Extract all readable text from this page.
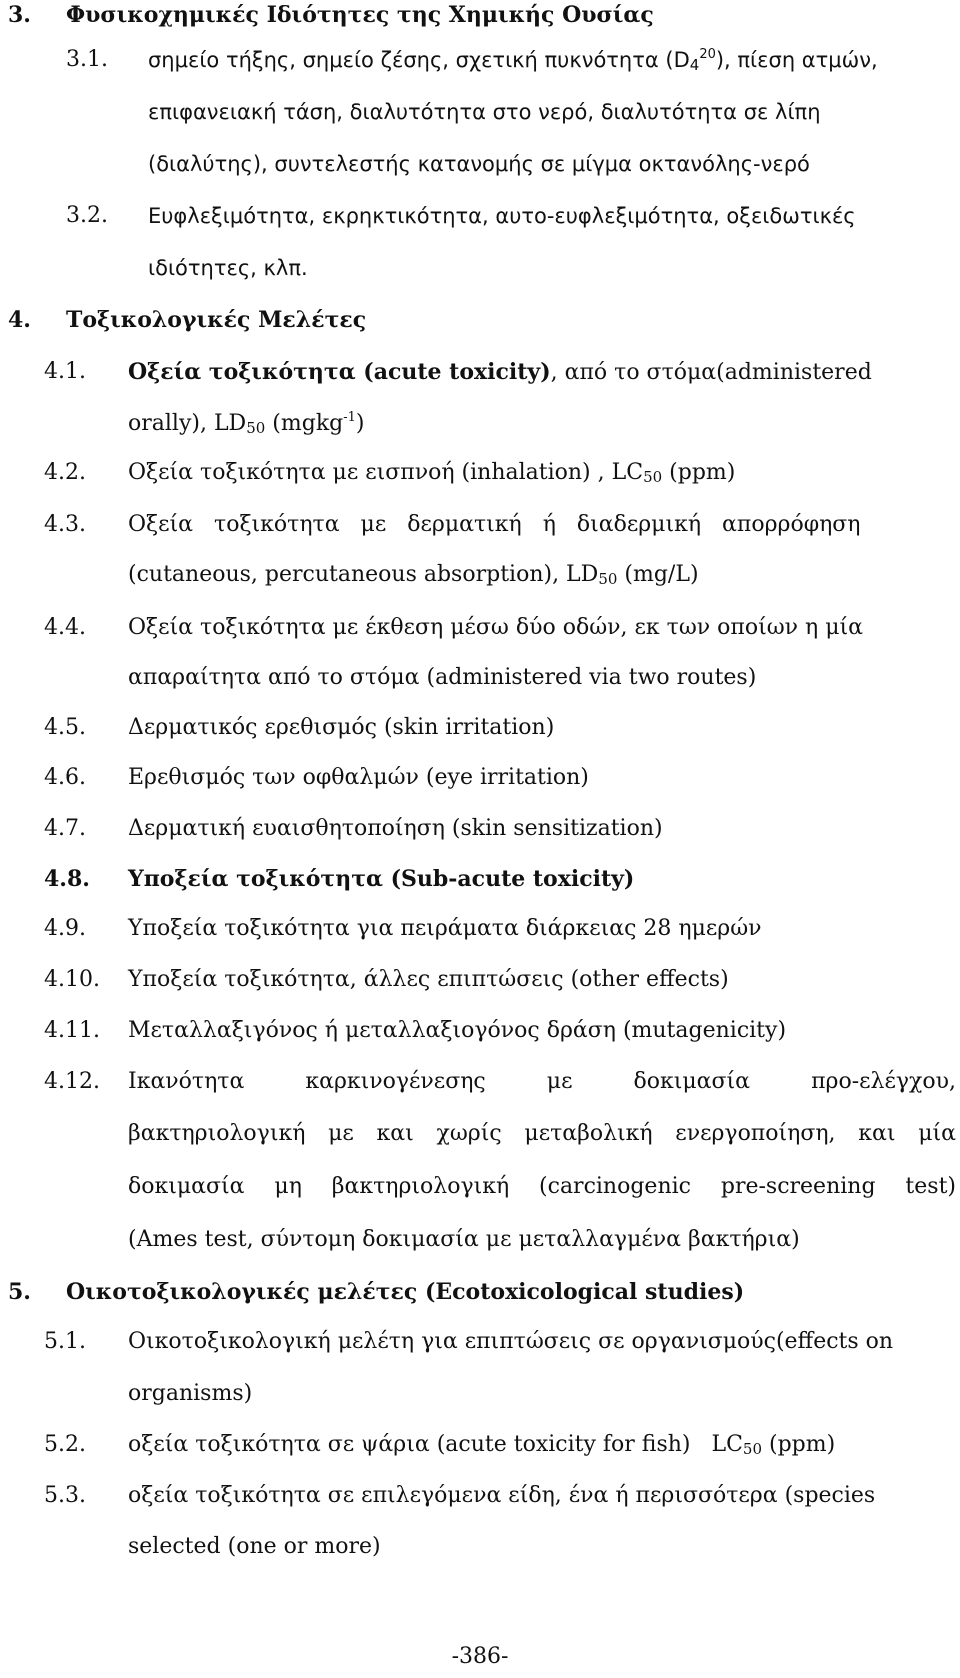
3. Φυσικοχημικές Ιδιότητες της Χημικής Ουσίας
3.1. σημείο τήξης, σημείο ζέσης, σχετική πυκνότητα $(D_4^{20})$, πίεση ατμών,
επιφανειακή τάση, διαλυτότητα στο νερό, διαλυτότητα σε λίπη
(διαλύτης), συντελεστής κατανομής σε μίγμα οκτανόλης-νερό
3.2. Ευφλεξιμότητα, εκρηκτικότητα, αυτο-ευφλεξιμότητα, οξειδωτικές
ιδιότητες, κλπ.
4. Τοξικολογικές Μελέτες
4.1. Οξεία τοξικότητα (acute toxicity), από το στόμα(administered
orally), $LD_{50}$ (mgkg$^{-1}$)
4.2. Οξεία τοξικότητα με εισπνοή (inhalation) , $LC_{50}$ (ppm)
4.3. Οξεία τοξικότητα με δερματική ή διαδερμική απορρόφηση
(cutaneous, percutaneous absorption), $LD_{50}$ (mg/L)
4.4. Οξεία τοξικότητα με έκθεση μέσω δύο οδών, εκ των οποίων η μία
απαραίτητα από το στόμα (administered via two routes)
4.5. Δερματικός ερεθισμός (skin irritation)
4.6. Ερεθισμός των οφθαλμών (eye irritation)
4.7. Δερματική ευαισθητοποίηση (skin sensitization)
4.8. Υποξεία τοξικότητα (Sub-acute toxicity)
4.9. Υποξεία τοξικότητα για πειράματα διάρκειας 28 ημερών
4.10. Υποξεία τοξικότητα, άλλες επιπτώσεις (other effects)
4.11. Μεταλλαξιγόνος ή μεταλλαξιογόνος δράση (mutagenicity)
4.12. Ικανότητα καρκινογένεσης με δοκιμασία προ-ελέγχου,
βακτηριολογική με και χωρίς μεταβολική ενεργοποίηση, και μία
δοκιμασία μη βακτηριολογική (carcinogenic pre-screening test)
(Ames test, σύντομη δοκιμασία με μεταλλαγμένα βακτήρια)
5. Οικοτοξικολογικές μελέτες (Ecotoxicological studies)
5.1. Οικοτοξικολογική μελέτη για επιπτώσεις σε οργανισμούς(effects on
organisms)
5.2. οξεία τοξικότητα σε ψάρια (acute toxicity for fish)   $LC_{50}$ (ppm)
5.3. οξεία τοξικότητα σε επιλεγόμενα είδη, ένα ή περισσότερα (species
selected (one or more)
-386-
